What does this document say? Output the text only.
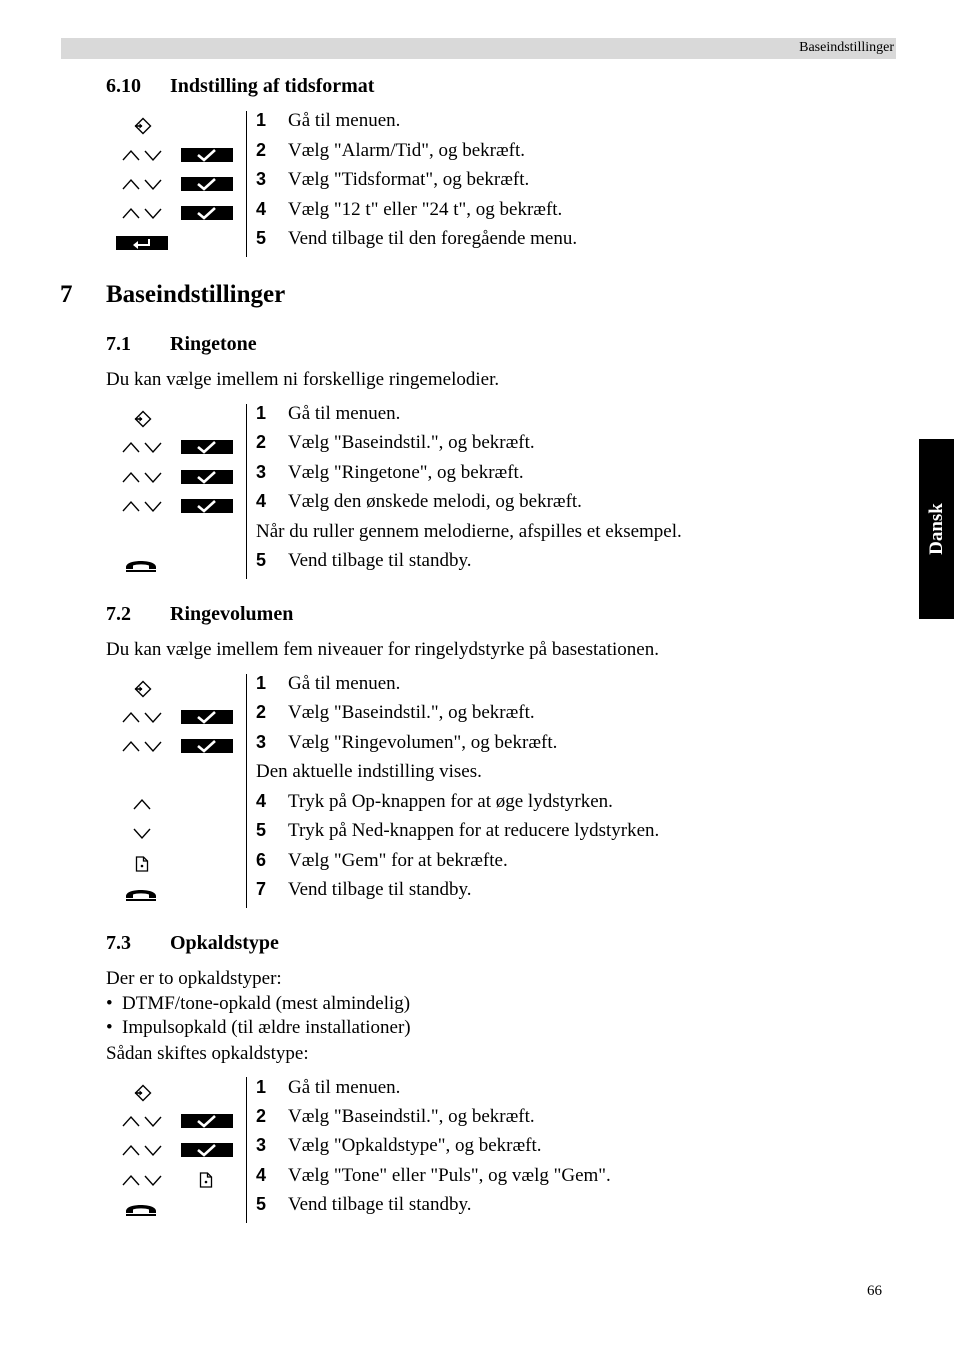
Baseindstillinger
Dansk
6.10 Indstilling af tidsformat
1 Gå til menuen.
2 Vælg "Alarm/Tid", og bekræft.
3 Vælg "Tidsformat", og bekræft.
4 Vælg "12 t" eller "24 t", og bekræft.
5 Vend tilbage til den foregående menu.
7 Baseindstillinger
7.1 Ringetone
Du kan vælge imellem ni forskellige ringemelodier.
1 Gå til menuen.
2 Vælg "Baseindstil.", og bekræft.
3 Vælg "Ringetone", og bekræft.
4 Vælg den ønskede melodi, og bekræft.
Når du ruller gennem melodierne, afspilles et eksempel.
5 Vend tilbage til standby.
7.2 Ringevolumen
Du kan vælge imellem fem niveauer for ringelydstyrke på basestationen.
1 Gå til menuen.
2 Vælg "Baseindstil.", og bekræft.
3 Vælg "Ringevolumen", og bekræft.
Den aktuelle indstilling vises.
4 Tryk på Op-knappen for at øge lydstyrken.
5 Tryk på Ned-knappen for at reducere lydstyrken.
6 Vælg "Gem" for at bekræfte.
7 Vend tilbage til standby.
7.3 Opkaldstype
Der er to opkaldstyper:
• DTMF/tone-opkald (mest almindelig)
• Impulsopkald (til ældre installationer)
Sådan skiftes opkaldstype:
1 Gå til menuen.
2 Vælg "Baseindstil.", og bekræft.
3 Vælg "Opkaldstype", og bekræft.
4 Vælg "Tone" eller "Puls", og vælg "Gem".
5 Vend tilbage til standby.
66
